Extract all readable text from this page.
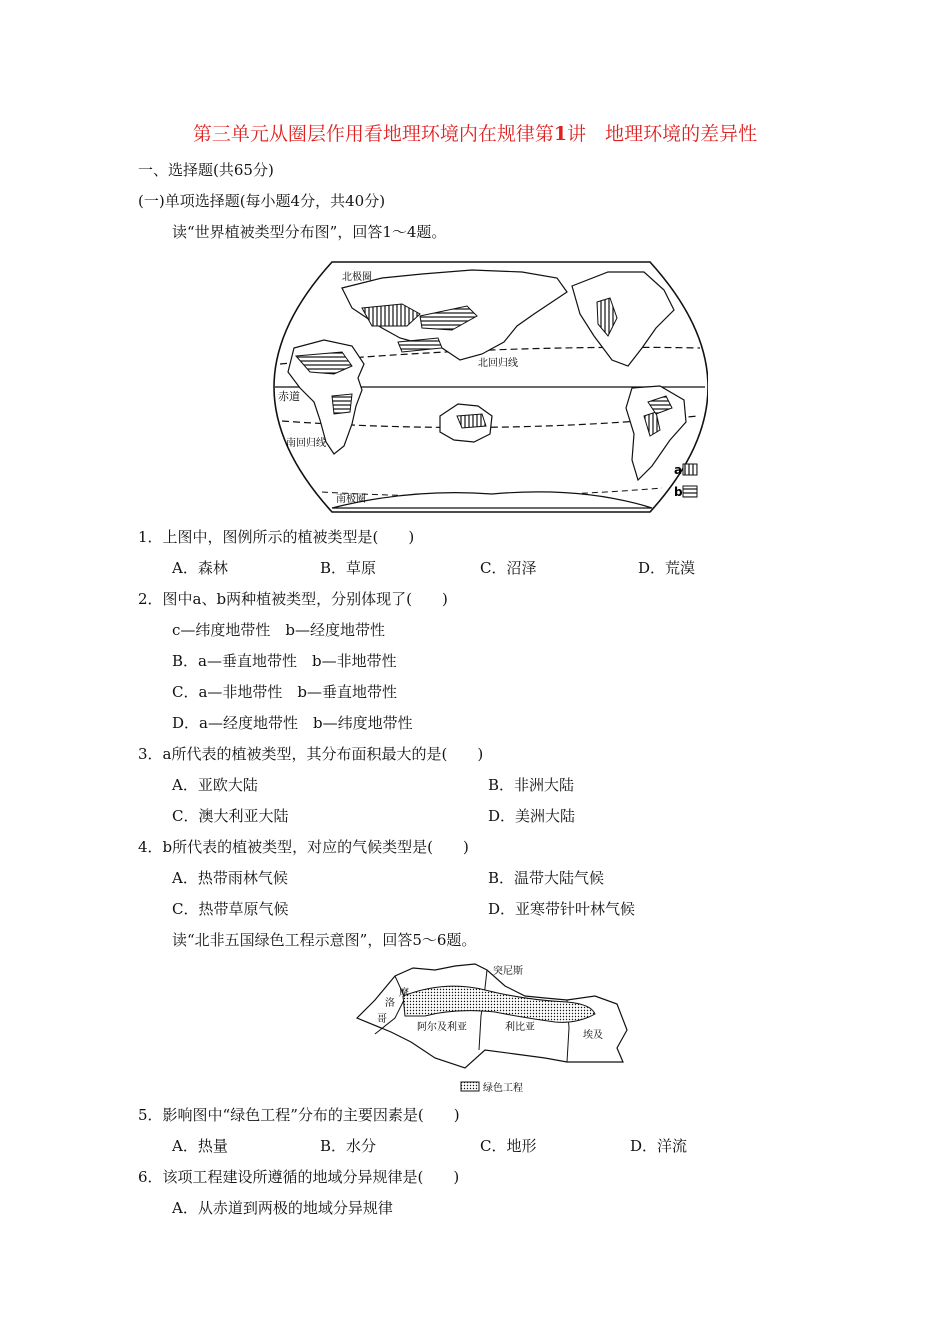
第三单元从圈层作用看地理环境内在规律第1讲　地理环境的差异性
一、选择题(共65分)
(一)单项选择题(每小题4分，共40分)
读“世界植被类型分布图”，回答1～4题。
北极圈
北回归线
赤道
南回归线
南极圈
a
b
1．上图中，图例所示的植被类型是(　　)
A．森林	B．草原	C．沼泽	D．荒漠
2．图中a、b两种植被类型，分别体现了(　　)
c—纬度地带性　b—经度地带性
B．a—垂直地带性　b—非地带性
C．a—非地带性　b—垂直地带性
D．a—经度地带性　b—纬度地带性
3．a所代表的植被类型，其分布面积最大的是(　　)
A．亚欧大陆	B．非洲大陆
C．澳大利亚大陆	D．美洲大陆
4．b所代表的植被类型，对应的气候类型是(　　)
A．热带雨林气候	B．温带大陆气候
C．热带草原气候	D．亚寒带针叶林气候
读“北非五国绿色工程示意图”，回答5～6题。
突尼斯
摩
洛
哥
阿尔及利亚	利比亚
埃及
绿色工程
5．影响图中“绿色工程”分布的主要因素是(　　)
A．热量	B．水分	C．地形	D．洋流
6．该项工程建设所遵循的地域分异规律是(　　)
A．从赤道到两极的地域分异规律
